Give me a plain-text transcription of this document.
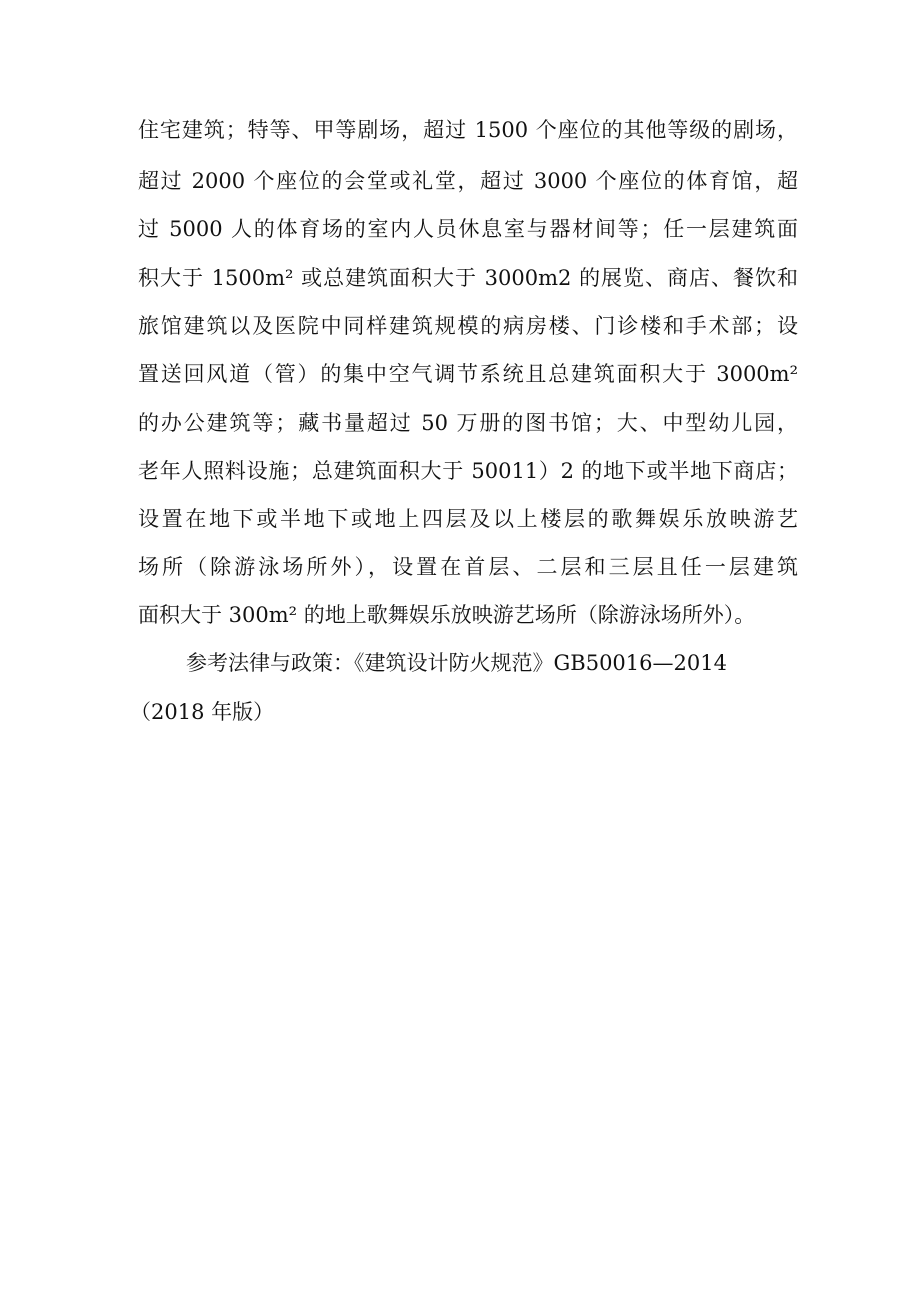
住宅建筑；特等、甲等剧场，超过 1500 个座位的其他等级的剧场，
超过 2000 个座位的会堂或礼堂，超过 3000 个座位的体育馆，超
过 5000 人的体育场的室内人员休息室与器材间等；任一层建筑面
积大于 1500m² 或总建筑面积大于 3000m2 的展览、商店、餐饮和
旅馆建筑以及医院中同样建筑规模的病房楼、门诊楼和手术部；设
置送回风道（管）的集中空气调节系统且总建筑面积大于 3000m²
的办公建筑等；藏书量超过 50 万册的图书馆；大、中型幼儿园，
老年人照料设施；总建筑面积大于 50011）2 的地下或半地下商店；
设置在地下或半地下或地上四层及以上楼层的歌舞娱乐放映游艺
场所（除游泳场所外），设置在首层、二层和三层且任一层建筑
面积大于 300m² 的地上歌舞娱乐放映游艺场所（除游泳场所外）。
参考法律与政策：《建筑设计防火规范》GB50016—2014
（2018 年版）
